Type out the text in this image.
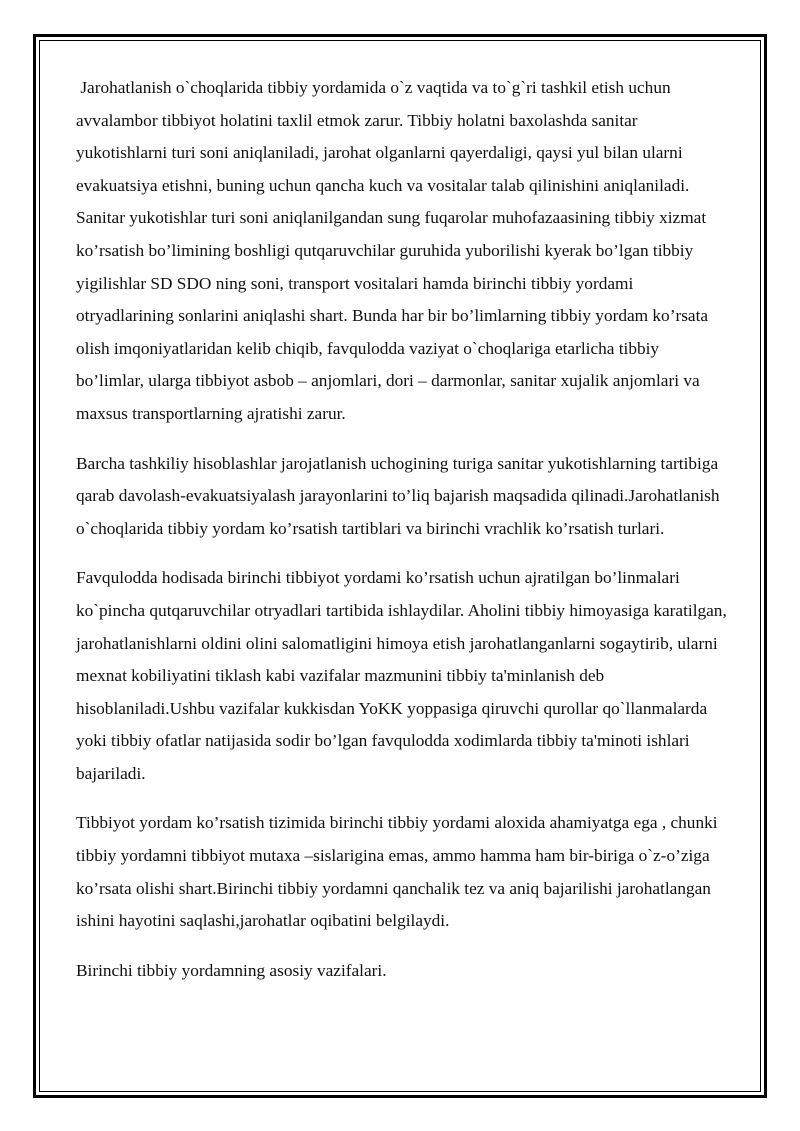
Jarohatlanish o`choqlarida tibbiy yordamida o`z vaqtida va to`g`ri tashkil etish uchun avvalambor tibbiyot holatini taxlil etmok zarur. Tibbiy holatni baxolashda sanitar yukotishlarni turi soni aniqlaniladi, jarohat olganlarni qayerdaligi, qaysi yul bilan ularni evakuatsiya etishni, buning uchun qancha kuch va vositalar talab qilinishini aniqlaniladi. Sanitar yukotishlar turi soni aniqlanilgandan sung fuqarolar muhofazaasining tibbiy xizmat ko’rsatish bo’limining boshligi qutqaruvchilar guruhida yuborilishi kyerak bo’lgan tibbiy yigilishlar SD SDO ning soni, transport vositalari hamda birinchi tibbiy yordami otryadlarining sonlarini aniqlashi shart. Bunda har bir bo’limlarning tibbiy yordam ko’rsata olish imqoniyatlaridan kelib chiqib, favqulodda vaziyat o`choqlariga etarlicha tibbiy bo’limlar, ularga tibbiyot asbob – anjomlari, dori – darmonlar, sanitar xujalik anjomlari va maxsus transportlarning ajratishi zarur.

Barcha tashkiliy hisoblashlar jarojatlanish uchogining turiga sanitar yukotishlarning tartibiga qarab davolash-evakuatsiyalash jarayonlarini to’liq bajarish maqsadida qilinadi.Jarohatlanish o`choqlarida tibbiy yordam ko’rsatish tartiblari va birinchi vrachlik ko’rsatish turlari.

Favqulodda hodisada birinchi tibbiyot yordami ko’rsatish uchun ajratilgan bo’linmalari ko`pincha qutqaruvchilar otryadlari tartibida ishlaydilar. Aholini tibbiy himoyasiga karatilgan, jarohatlanishlarni oldini olini salomatligini himoya etish jarohatlanganlarni sogaytirib, ularni mexnat kobiliyatini tiklash kabi vazifalar mazmunini tibbiy ta'minlanish deb hisoblaniladi.Ushbu vazifalar kukkisdan YoKK yoppasiga qiruvchi qurollar qo`llanmalarda yoki tibbiy ofatlar natijasida sodir bo’lgan favqulodda xodimlarda tibbiy ta'minoti ishlari bajariladi.

Tibbiyot yordam ko’rsatish tizimida birinchi tibbiy yordami aloxida ahamiyatga ega , chunki tibbiy yordamni tibbiyot mutaxa –sislarigina emas, ammo hamma ham bir-biriga o`z-o’ziga ko’rsata olishi shart.Birinchi tibbiy yordamni qanchalik tez va aniq bajarilishi jarohatlangan ishini hayotini saqlashi,jarohatlar oqibatini belgilaydi.

Birinchi tibbiy yordamning asosiy vazifalari.
